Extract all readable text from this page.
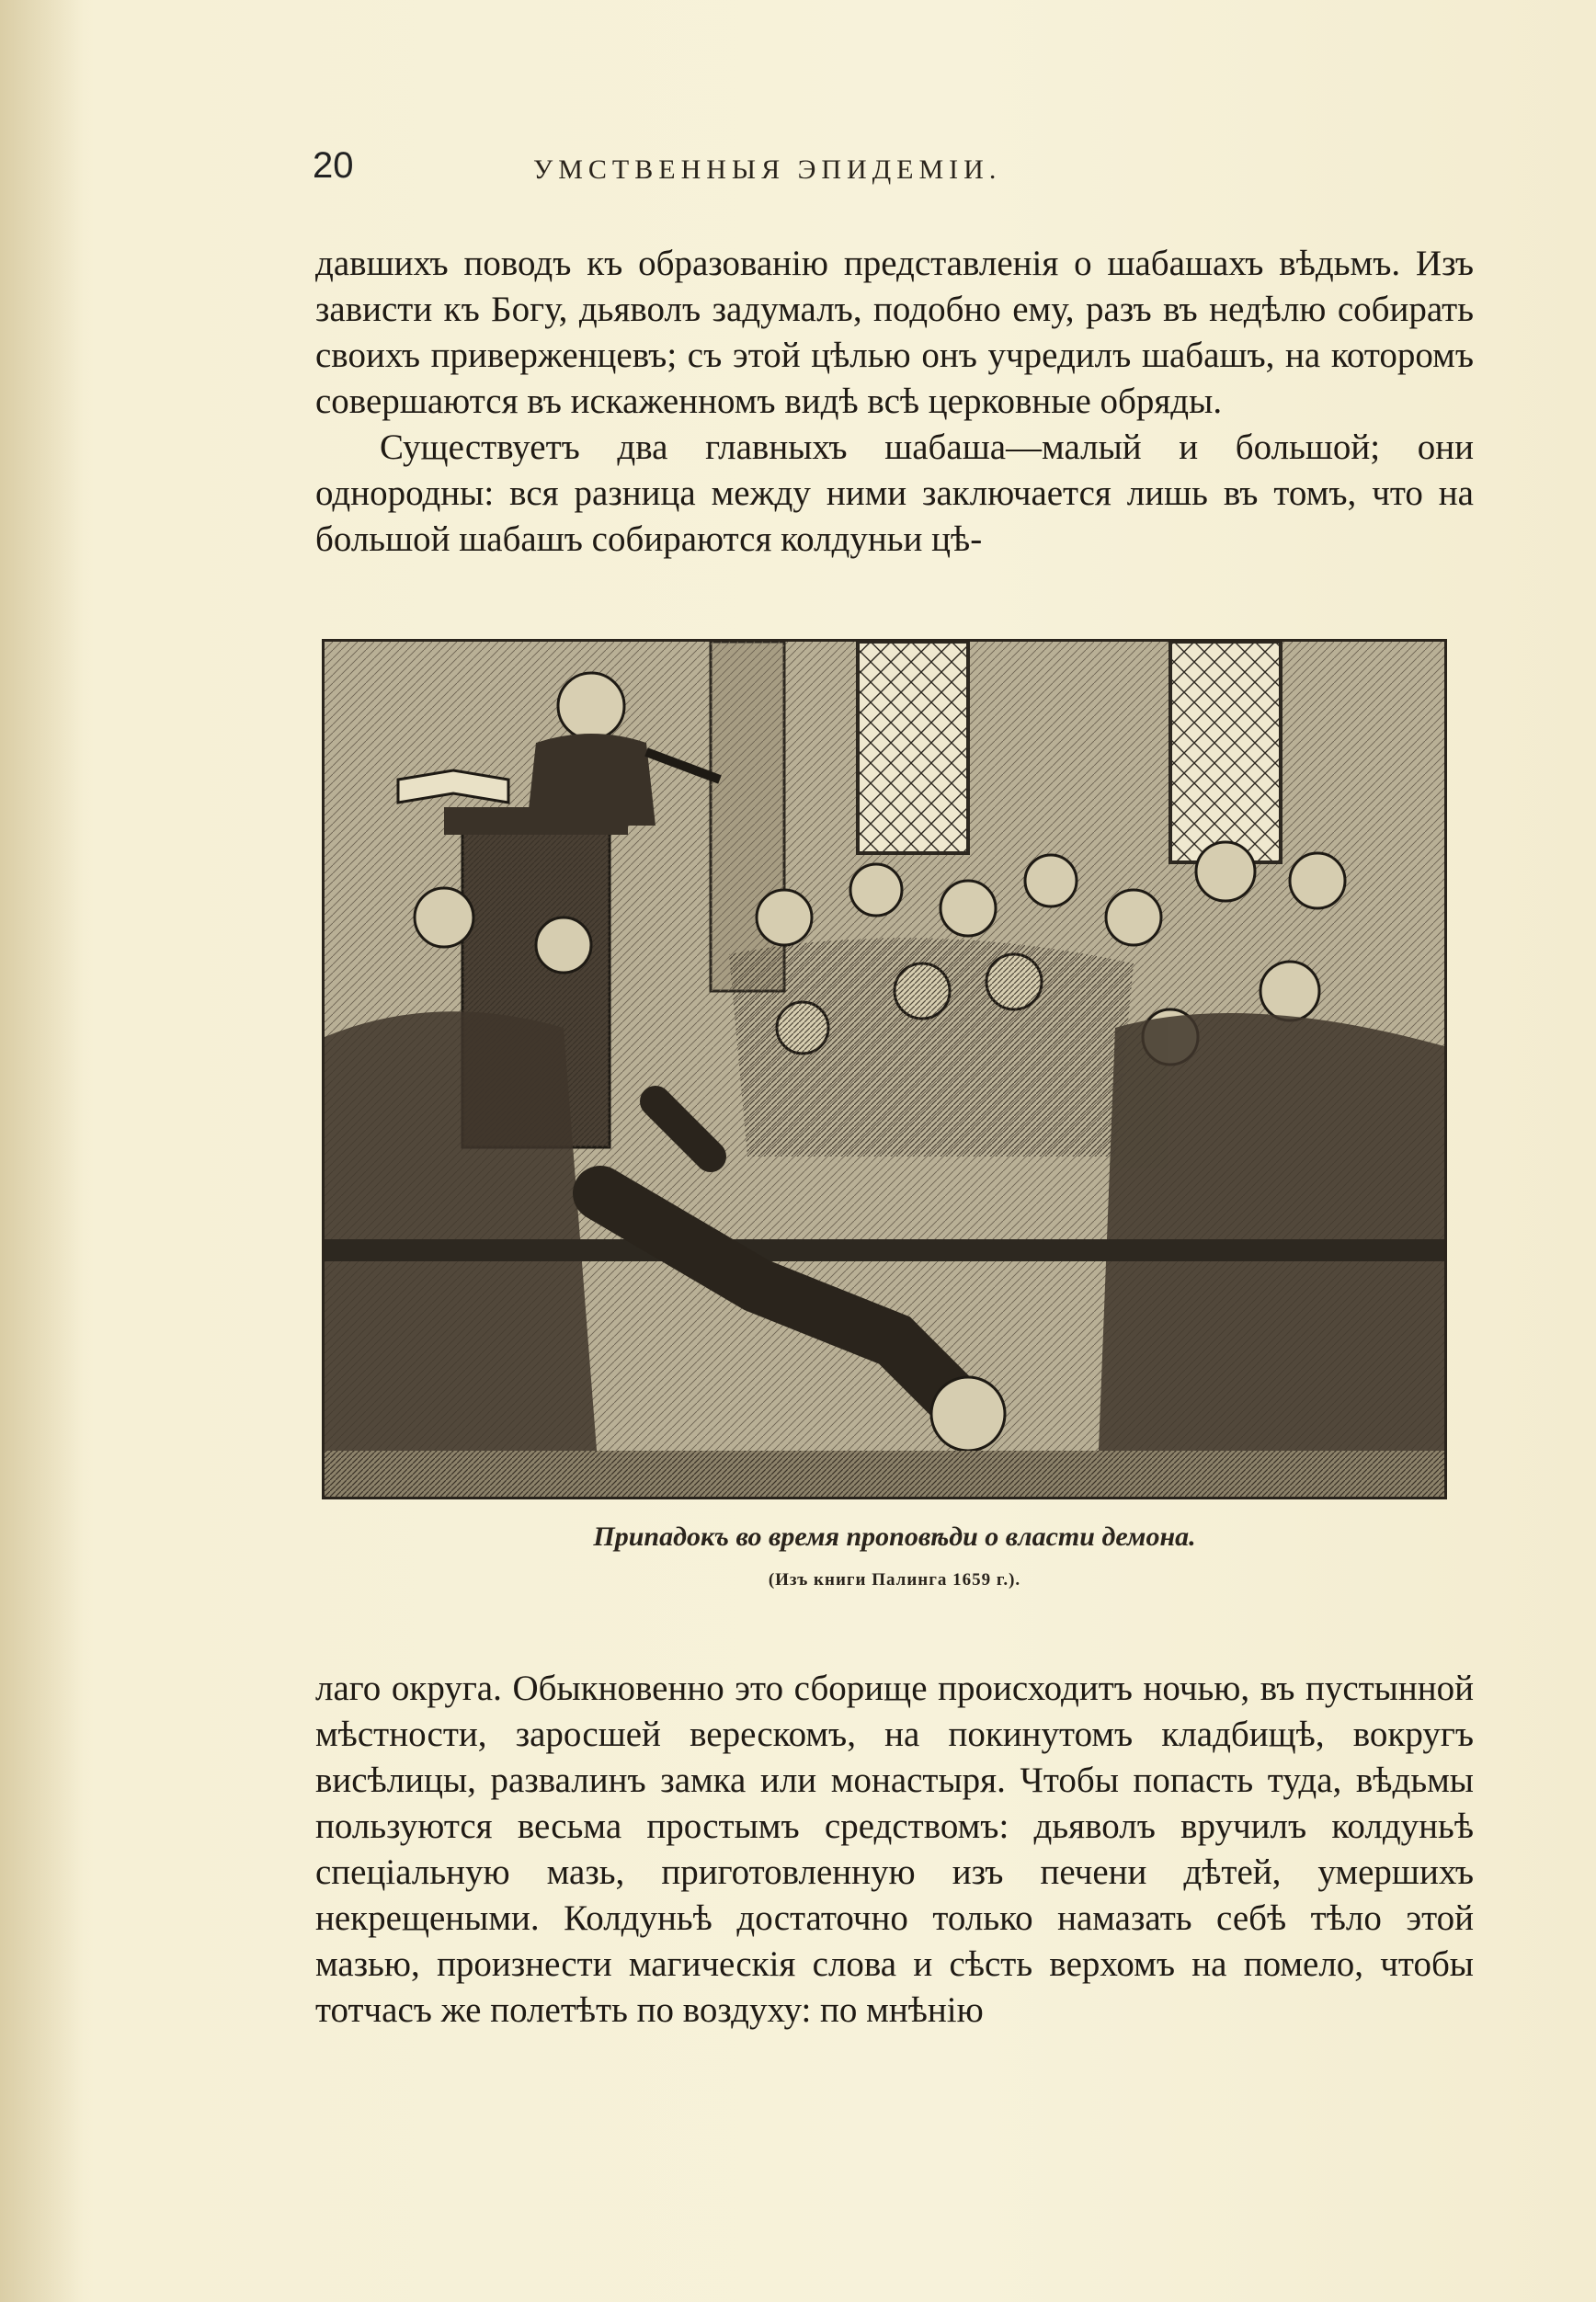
20	УМСТВЕННЫЯ ЭПИДЕМІИ.

давшихъ поводъ къ образованію представленія о шабашахъ вѣдьмъ. Изъ зависти къ Богу, дьяволъ задумалъ, подобно ему, разъ въ недѣлю собирать своихъ приверженцевъ; съ этой цѣлью онъ учредилъ шабашъ, на которомъ совершаются въ искаженномъ видѣ всѣ церковные обряды.

Существуетъ два главныхъ шабаша—малый и большой; они однородны: вся разница между ними заключается лишь въ томъ, что на большой шабашъ собираются колдуньи цѣ-

Припадокъ во время проповѣди о власти демона.
(Изъ книги Палинга 1659 г.).

лаго округа. Обыкновенно это сборище происходитъ ночью, въ пустынной мѣстности, заросшей верескомъ, на покинутомъ кладбищѣ, вокругъ висѣлицы, развалинъ замка или монастыря. Чтобы попасть туда, вѣдьмы пользуются весьма простымъ средствомъ: дьяволъ вручилъ колдуньѣ спеціальную мазь, приготовленную изъ печени дѣтей, умершихъ некрещеными. Колдуньѣ достаточно только намазать себѣ тѣло этой мазью, произнести магическія слова и сѣсть верхомъ на помело, чтобы тотчасъ же полетѣть по воздуху: по мнѣнію
